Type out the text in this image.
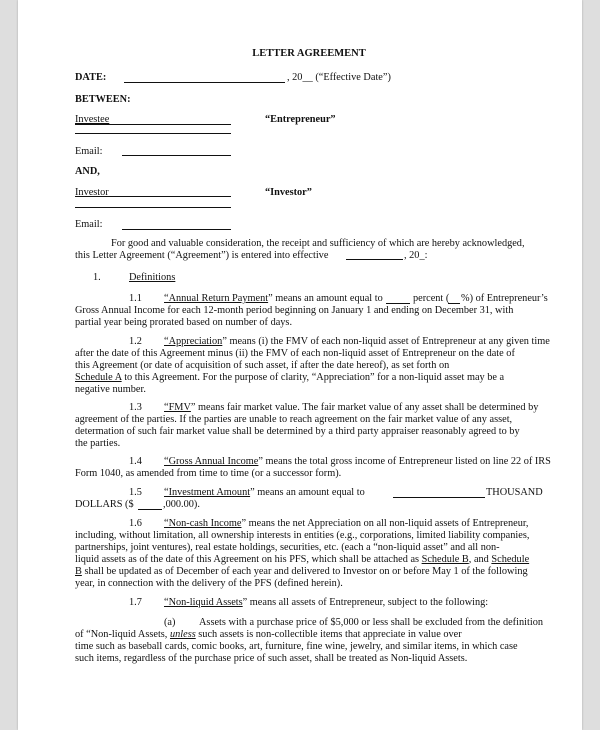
LETTER AGREEMENT
DATE:	, 20__ (“Effective Date”)
BETWEEN:
Investee	“Entrepreneur”
Email:
AND,
Investor	“Investor”
Email:
For good and valuable consideration, the receipt and sufficiency of which are hereby acknowledged,
this Letter Agreement (“Agreement”) is entered into effective	, 20_:
1.	Definitions
1.1 “Annual Return Payment” means an amount equal to	percent ( %) of Entrepreneur’s
Gross Annual Income for each 12-month period beginning on January 1 and ending on December 31, with
partial year being prorated based on number of days.
1.2 “Appreciation” means (i) the FMV of each non-liquid asset of Entrepreneur at any given time
after the date of this Agreement minus (ii) the FMV of each non-liquid asset of Entrepreneur on the date of
this Agreement (or date of acquisition of such asset, if after the date hereof), as set forth on
Schedule A to this Agreement. For the purpose of clarity, “Appreciation” for a non-liquid asset may be a
negative number.
1.3 “FMV” means fair market value. The fair market value of any asset shall be determined by
agreement of the parties. If the parties are unable to reach agreement on the fair market value of any asset,
determation of such fair market value shall be determined by a third party appraiser reasonably agreed to by
the parties.
1.4 “Gross Annual Income” means the total gross income of Entrepreneur listed on line 22 of IRS
Form 1040, as amended from time to time (or a successor form).
1.5 “Investment Amount” means an amount equal to	THOUSAND
DOLLARS ($	,000.00).
1.6 “Non-cash Income” means the net Appreciation on all non-liquid assets of Entrepreneur,
including, without limitation, all ownership interests in entities (e.g., corporations, limited liability companies,
partnerships, joint ventures), real estate holdings, securities, etc. (each a “non-liquid asset” and all non-
liquid assets as of the date of this Agreement on his PFS, which shall be attached as Schedule B, and Schedule
B shall be updated as of December of each year and delivered to Investor on or before May 1 of the following
year, in connection with the delivery of the PFS (defined herein).
1.7 “Non-liquid Assets” means all assets of Entrepreneur, subject to the following:
(a) Assets with a purchase price of $5,000 or less shall be excluded from the definition
of “Non-liquid Assets, unless such assets is non-collectible items that appreciate in value over
time such as baseball cards, comic books, art, furniture, fine wine, jewelry, and similar items, in which case
such items, regardless of the purchase price of such asset, shall be treated as Non-liquid Assets.
